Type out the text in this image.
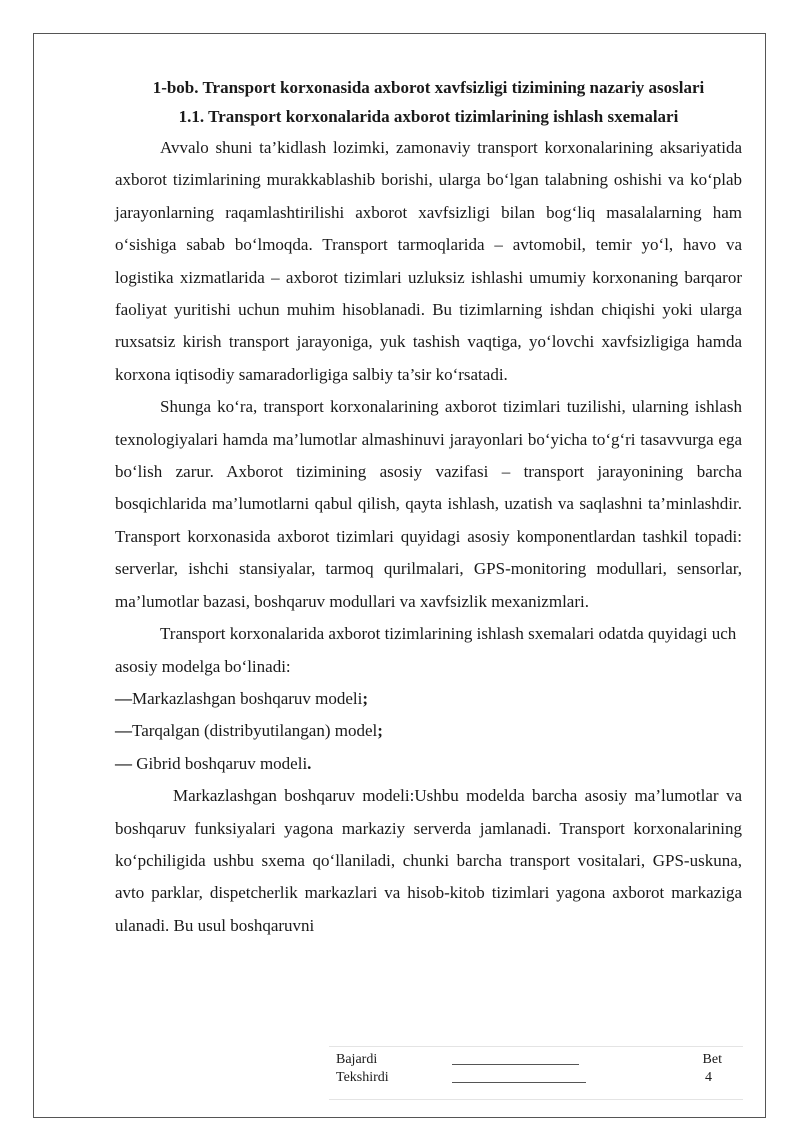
1-bob. Transport korxonasida axborot xavfsizligi tizimining nazariy asoslari
1.1. Transport korxonalarida axborot tizimlarining ishlash sxemalari

Avvalo shuni ta’kidlash lozimki, zamonaviy transport korxonalarining aksariyatida axborot tizimlarining murakkablashib borishi, ularga bo‘lgan talabning oshishi va ko‘plab jarayonlarning raqamlashtirilishi axborot xavfsizligi bilan bog‘liq masalalarning ham o‘sishiga sabab bo‘lmoqda. Transport tarmoqlarida – avtomobil, temir yo‘l, havo va logistika xizmatlarida – axborot tizimlari uzluksiz ishlashi umumiy korxonaning barqaror faoliyat yuritishi uchun muhim hisoblanadi. Bu tizimlarning ishdan chiqishi yoki ularga ruxsatsiz kirish transport jarayoniga, yuk tashish vaqtiga, yo‘lovchi xavfsizligiga hamda korxona iqtisodiy samaradorligiga salbiy ta’sir ko‘rsatadi.

Shunga ko‘ra, transport korxonalarining axborot tizimlari tuzilishi, ularning ishlash texnologiyalari hamda ma’lumotlar almashinuvi jarayonlari bo‘yicha to‘g‘ri tasavvurga ega bo‘lish zarur. Axborot tizimining asosiy vazifasi – transport jarayonining barcha bosqichlarida ma’lumotlarni qabul qilish, qayta ishlash, uzatish va saqlashni ta’minlashdir. Transport korxonasida axborot tizimlari quyidagi asosiy komponentlardan tashkil topadi: serverlar, ishchi stansiyalar, tarmoq qurilmalari, GPS-monitoring modullari, sensorlar, ma’lumotlar bazasi, boshqaruv modullari va xavfsizlik mexanizmlari.

Transport korxonalarida axborot tizimlarining ishlash sxemalari odatda quyidagi uch asosiy modelga bo‘linadi:

—Markazlashgan boshqaruv modeli;
—Tarqalgan (distribyutilangan) model;
— Gibrid boshqaruv modeli.

Markazlashgan boshqaruv modeli:Ushbu modelda barcha asosiy ma’lumotlar va boshqaruv funksiyalari yagona markaziy serverda jamlanadi. Transport korxonalarining ko‘pchiligida ushbu sxema qo‘llaniladi, chunki barcha transport vositalari, GPS-uskuna, avto parklar, dispetcherlik markazlari va hisob-kitob tizimlari yagona axborot markaziga ulanadi. Bu usul boshqaruvni

Bajardi	Bet
Tekshirdi	4
